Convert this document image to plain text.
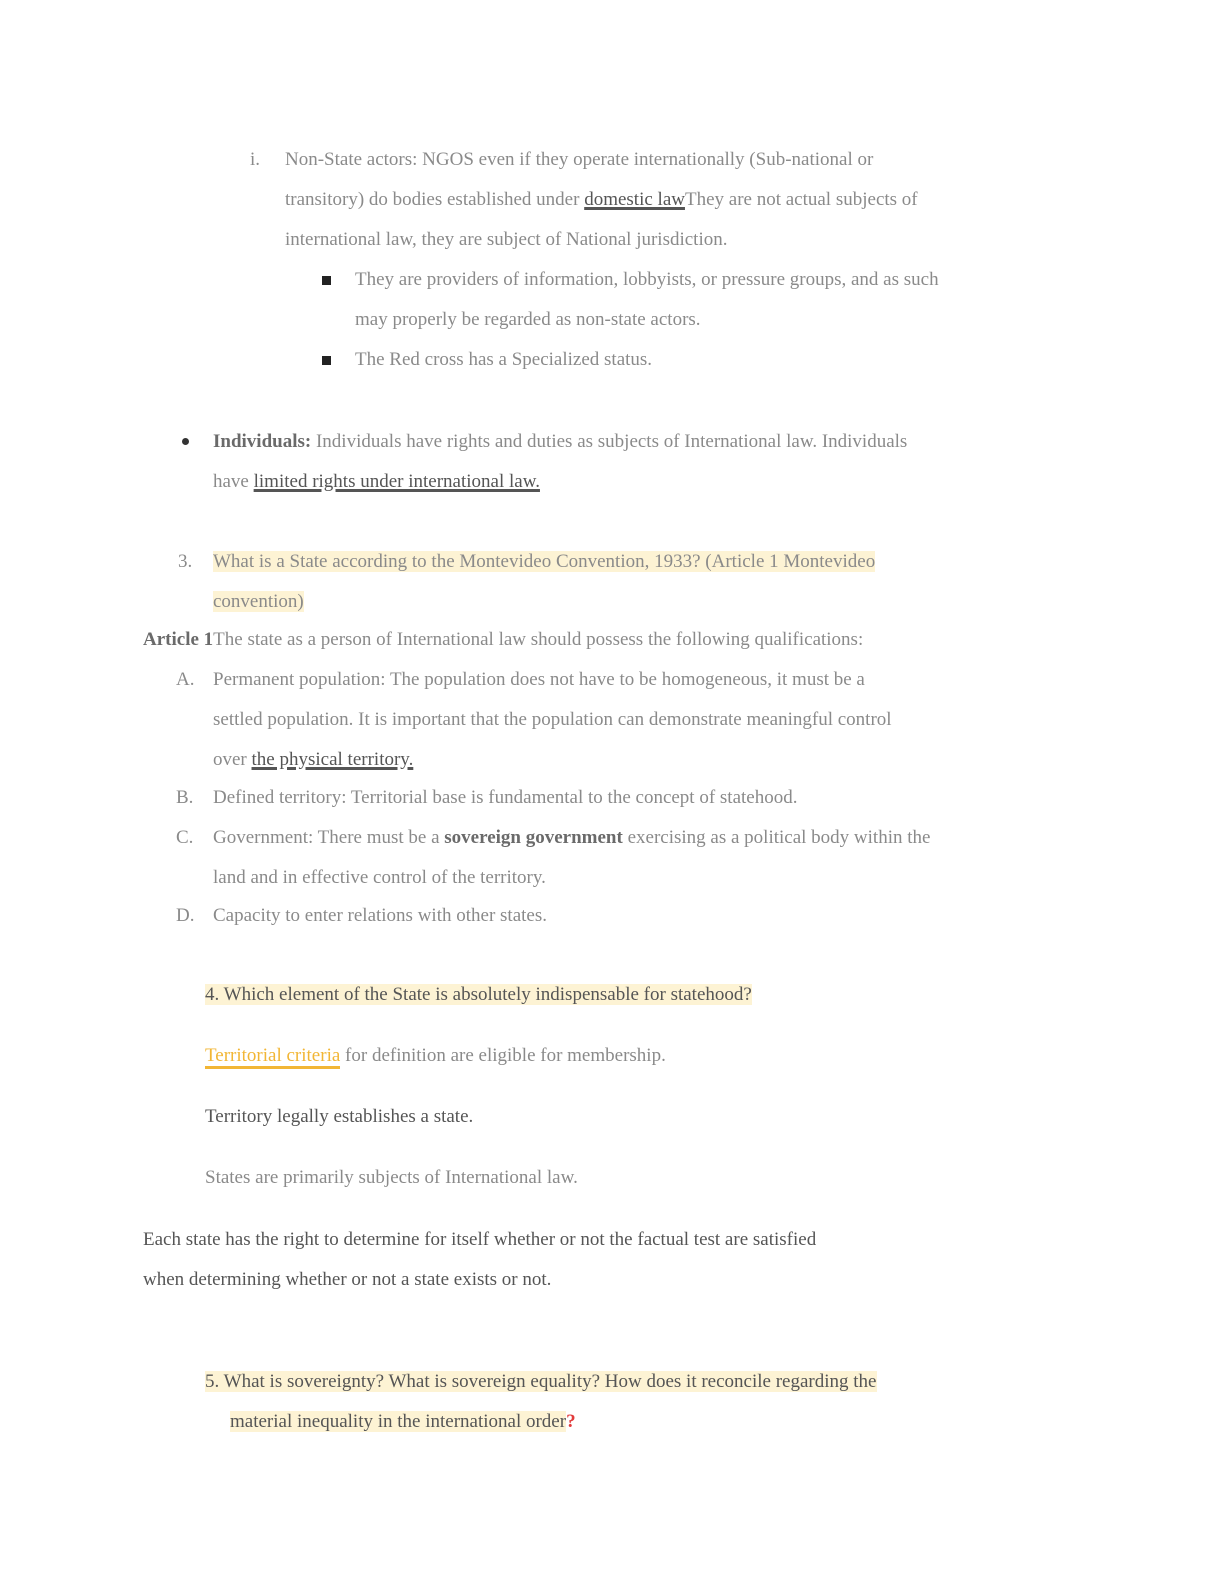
i. Non-State actors: NGOS even if they operate internationally (Sub-national or
transitory) do bodies established under domestic lawThey are not actual subjects of
international law, they are subject of National jurisdiction.
They are providers of information, lobbyists, or pressure groups, and as such
may properly be regarded as non-state actors.
The Red cross has a Specialized status.
Individuals: Individuals have rights and duties as subjects of International law. Individuals
have limited rights under international law.
3. What is a State according to the Montevideo Convention, 1933? (Article 1 Montevideo
convention)
Article 1The state as a person of International law should possess the following qualifications:
A. Permanent population: The population does not have to be homogeneous, it must be a
settled population. It is important that the population can demonstrate meaningful control
over the physical territory.
B. Defined territory: Territorial base is fundamental to the concept of statehood.
C. Government: There must be a sovereign government exercising as a political body within the
land and in effective control of the territory.
D. Capacity to enter relations with other states.
4. Which element of the State is absolutely indispensable for statehood?
Territorial criteria for definition are eligible for membership.
Territory legally establishes a state.
States are primarily subjects of International law.
Each state has the right to determine for itself whether or not the factual test are satisfied
when determining whether or not a state exists or not.
5. What is sovereignty? What is sovereign equality? How does it reconcile regarding the
material inequality in the international order?
